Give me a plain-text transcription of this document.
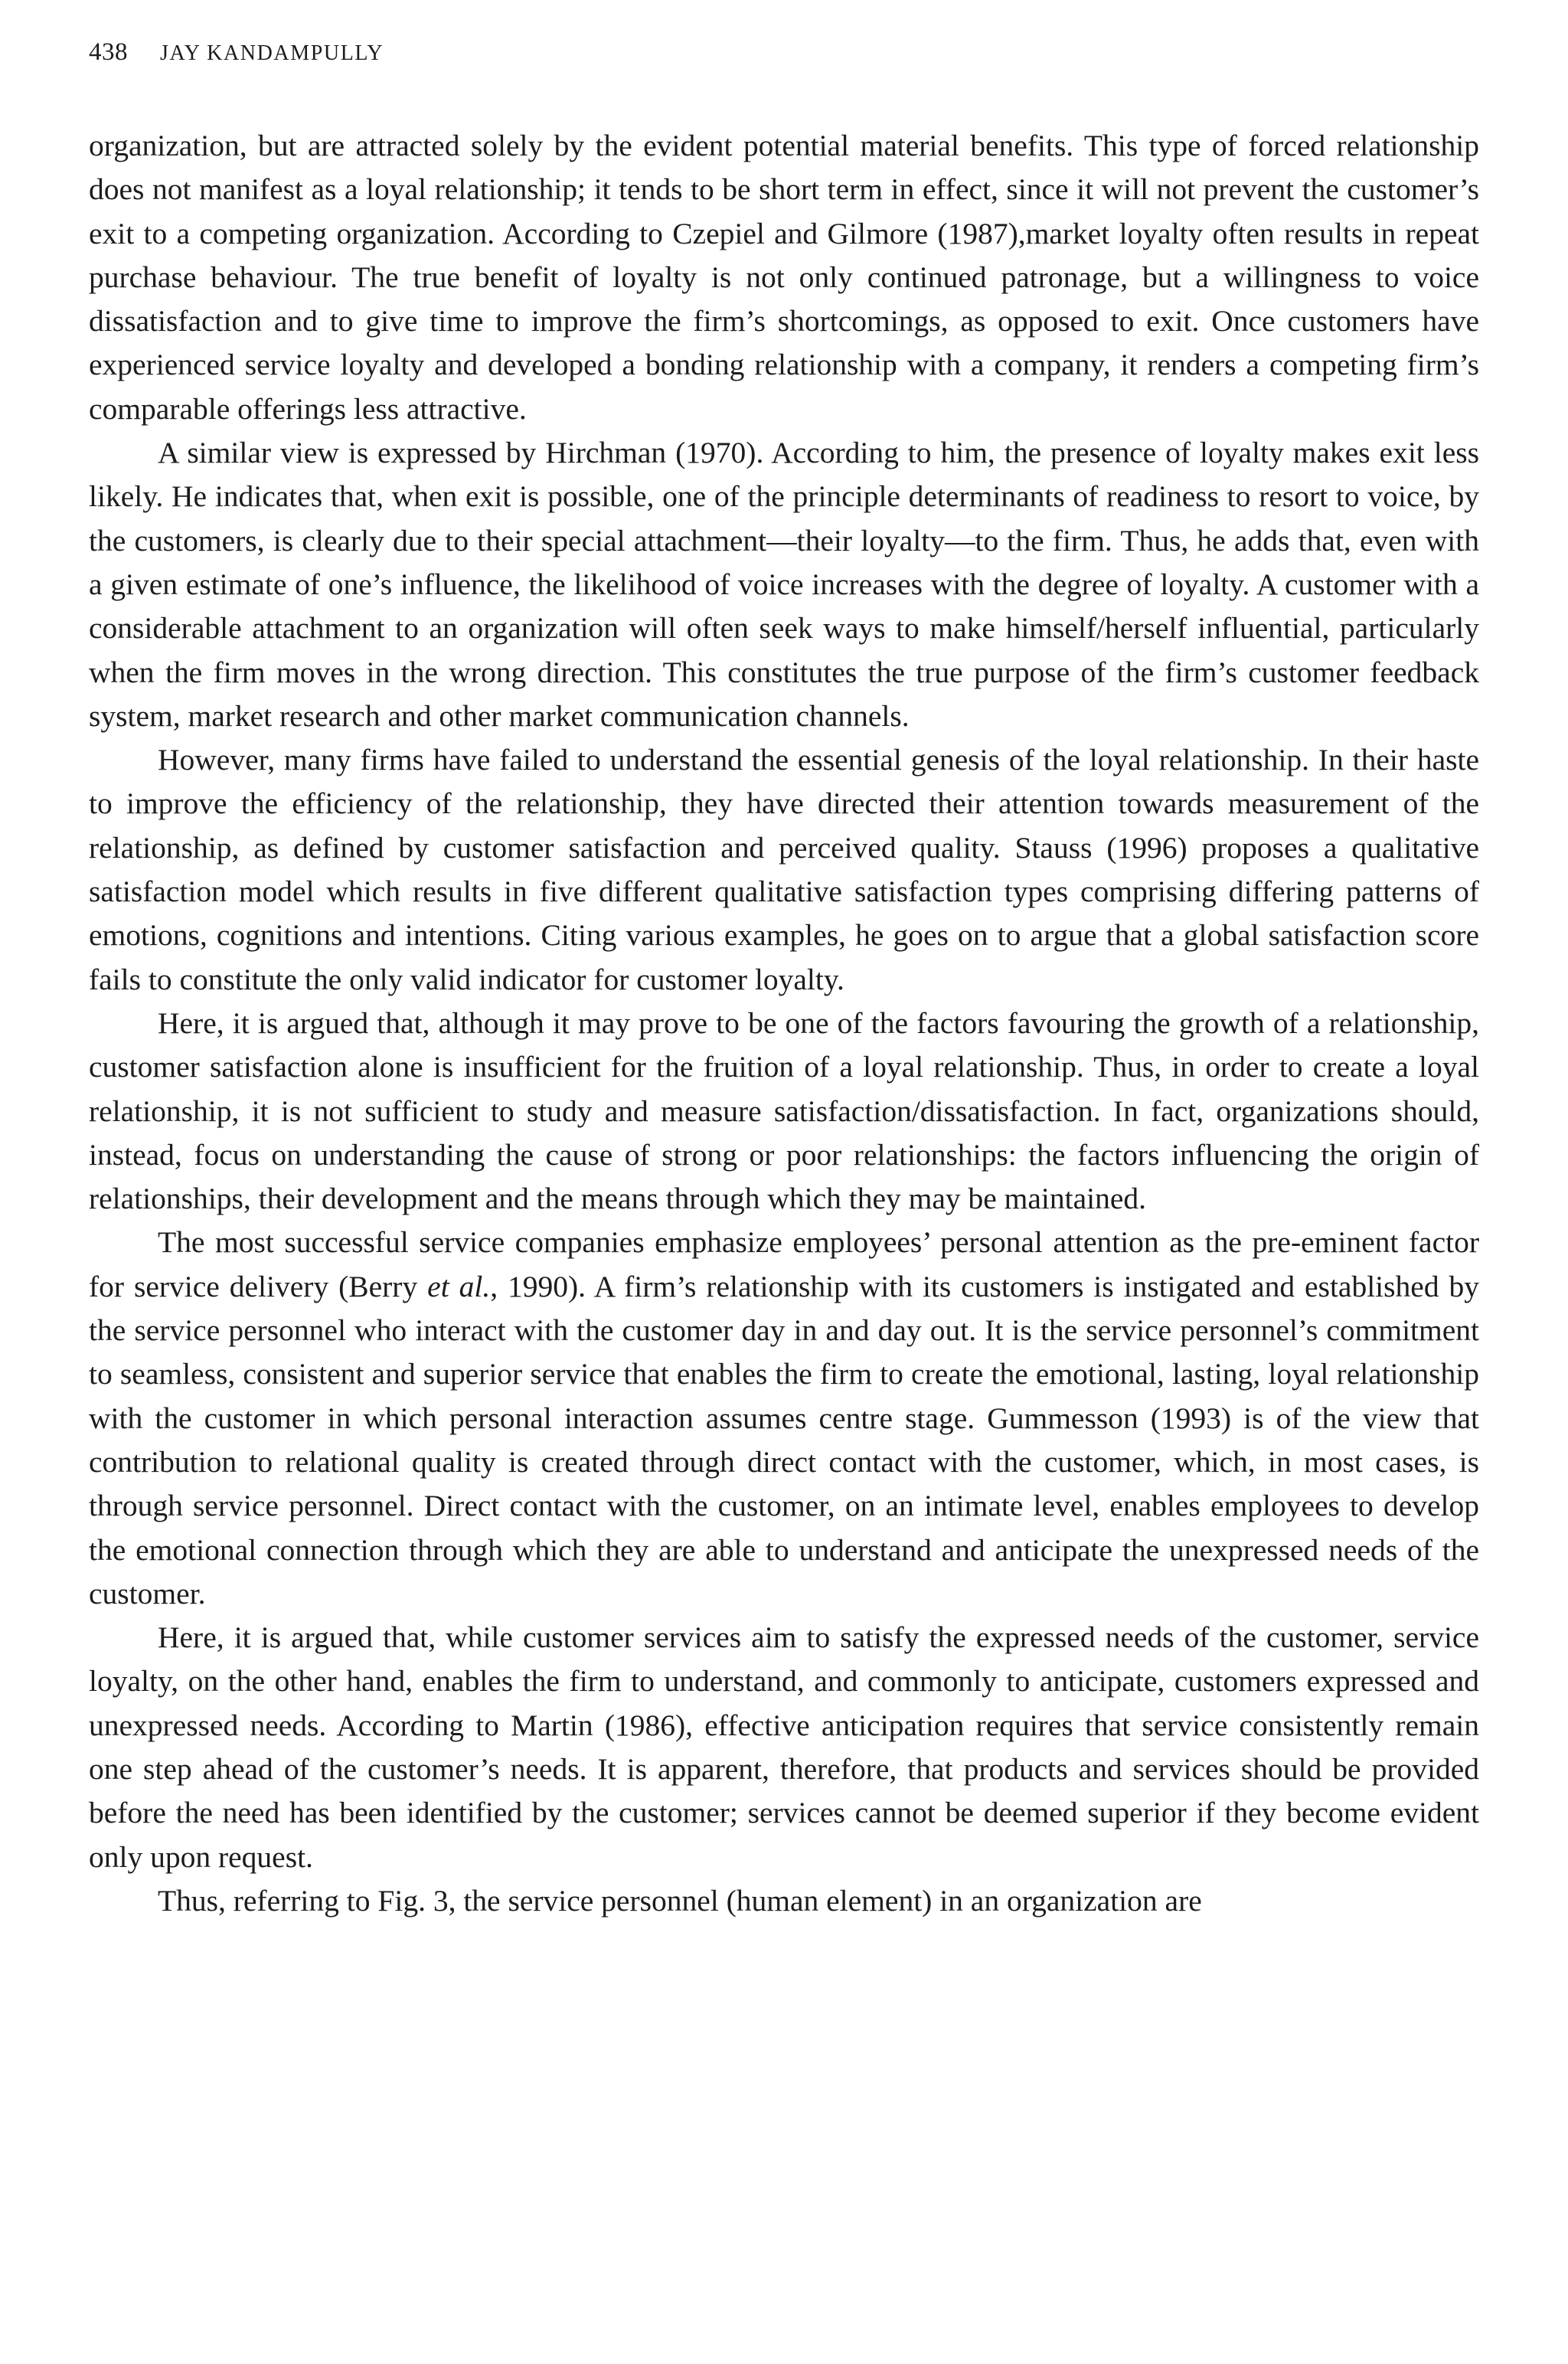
438 JAY KANDAMPULLY

organization, but are attracted solely by the evident potential material benefits. This type of forced relationship does not manifest as a loyal relationship; it tends to be short term in effect, since it will not prevent the customer’s exit to a competing organization. According to Czepiel and Gilmore (1987),market loyalty often results in repeat purchase behaviour. The true benefit of loyalty is not only continued patronage, but a willingness to voice dissatisfaction and to give time to improve the firm’s shortcomings, as opposed to exit. Once customers have experienced service loyalty and developed a bonding relationship with a company, it renders a competing firm’s comparable offerings less attractive.

A similar view is expressed by Hirchman (1970). According to him, the presence of loyalty makes exit less likely. He indicates that, when exit is possible, one of the principle determinants of readiness to resort to voice, by the customers, is clearly due to their special attachment—their loyalty—to the firm. Thus, he adds that, even with a given estimate of one’s influence, the likelihood of voice increases with the degree of loyalty. A customer with a considerable attachment to an organization will often seek ways to make himself/herself influential, particularly when the firm moves in the wrong direction. This constitutes the true purpose of the firm’s customer feedback system, market research and other market communication channels.

However, many firms have failed to understand the essential genesis of the loyal relationship. In their haste to improve the efficiency of the relationship, they have directed their attention towards measurement of the relationship, as defined by customer satisfaction and perceived quality. Stauss (1996) proposes a qualitative satisfaction model which results in five different qualitative satisfaction types comprising differing patterns of emotions, cognitions and intentions. Citing various examples, he goes on to argue that a global satisfaction score fails to constitute the only valid indicator for customer loyalty.

Here, it is argued that, although it may prove to be one of the factors favouring the growth of a relationship, customer satisfaction alone is insufficient for the fruition of a loyal relationship. Thus, in order to create a loyal relationship, it is not sufficient to study and measure satisfaction/dissatisfaction. In fact, organizations should, instead, focus on understanding the cause of strong or poor relationships: the factors influencing the origin of relationships, their development and the means through which they may be maintained.

The most successful service companies emphasize employees’ personal attention as the pre-eminent factor for service delivery (Berry et al., 1990). A firm’s relationship with its customers is instigated and established by the service personnel who interact with the customer day in and day out. It is the service personnel’s commitment to seamless, consistent and superior service that enables the firm to create the emotional, lasting, loyal relationship with the customer in which personal interaction assumes centre stage. Gummesson (1993) is of the view that contribution to relational quality is created through direct contact with the customer, which, in most cases, is through service personnel. Direct contact with the customer, on an intimate level, enables employees to develop the emotional connection through which they are able to understand and anticipate the unexpressed needs of the customer.

Here, it is argued that, while customer services aim to satisfy the expressed needs of the customer, service loyalty, on the other hand, enables the firm to understand, and commonly to anticipate, customers expressed and unexpressed needs. According to Martin (1986), effective anticipation requires that service consistently remain one step ahead of the customer’s needs. It is apparent, therefore, that products and services should be provided before the need has been identified by the customer; services cannot be deemed superior if they become evident only upon request.

Thus, referring to Fig. 3, the service personnel (human element) in an organization are
